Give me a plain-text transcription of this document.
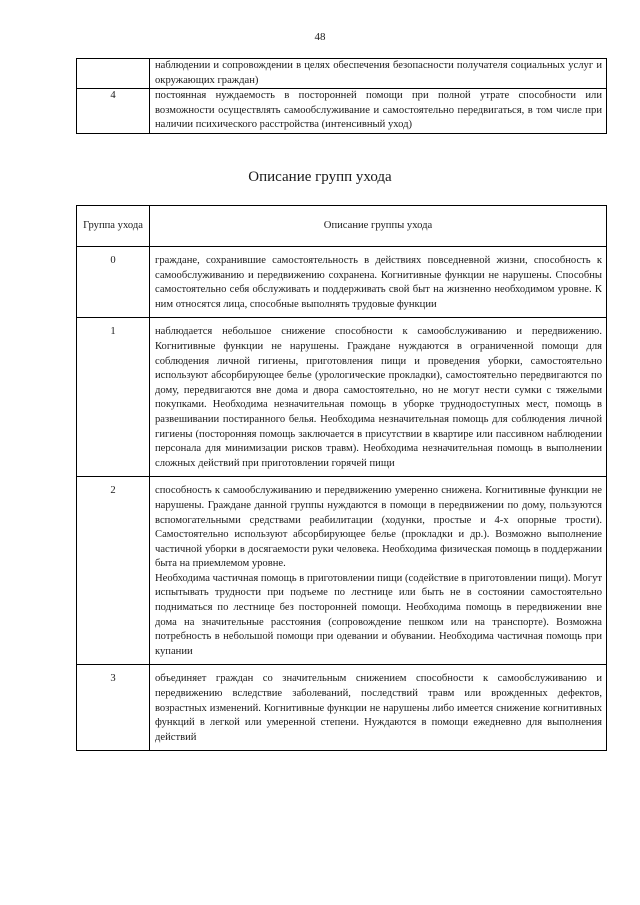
48
	наблюдении и сопровождении в целях обеспечения безопасности получателя социальных услуг и окружающих граждан)
4	постоянная нуждаемость в посторонней помощи при полной утрате способности или возможности осуществлять самообслуживание и самостоятельно передвигаться, в том числе при наличии психического расстройства (интенсивный уход)
Описание групп ухода
Группа ухода	Описание группы ухода
0	граждане, сохранившие самостоятельность в действиях повседневной жизни, способность к самообслуживанию и передвижению сохранена. Когнитивные функции не нарушены. Способны самостоятельно себя обслуживать и поддерживать свой быт на жизненно необходимом уровне. К ним относятся лица, способные выполнять трудовые функции

1	наблюдается небольшое снижение способности к самообслуживанию и передвижению. Когнитивные функции не нарушены. Граждане нуждаются в ограниченной помощи для соблюдения личной гигиены, приготовления пищи и проведения уборки, самостоятельно используют абсорбирующее белье (урологические прокладки), самостоятельно передвигаются по дому, передвигаются вне дома и двора самостоятельно, но не могут нести сумки с тяжелыми покупками. Необходима незначительная помощь в уборке труднодоступных мест, помощь в развешивании постиранного белья. Необходима незначительная помощь для соблюдения личной гигиены (посторонняя помощь заключается в присутствии в квартире или пассивном наблюдении персонала для минимизации рисков травм). Необходима незначительная помощь в выполнении сложных действий при приготовлении горячей пищи

2	способность к самообслуживанию и передвижению умеренно снижена. Когнитивные функции не нарушены. Граждане данной группы нуждаются в помощи в передвижении по дому, пользуются вспомогательными средствами реабилитации (ходунки, простые и 4-х опорные трости). Самостоятельно используют абсорбирующее белье (прокладки и др.). Возможно выполнение частичной уборки в досягаемости руки человека. Необходима физическая помощь в поддержании быта на приемлемом уровне.

Необходима частичная помощь в приготовлении пищи (содействие в приготовлении пищи). Могут испытывать трудности при подъеме по лестнице или быть не в состоянии самостоятельно подниматься по лестнице без посторонней помощи. Необходима помощь в передвижении вне дома на значительные расстояния (сопровождение пешком или на транспорте). Возможна потребность в небольшой помощи при одевании и обувании. Необходима частичная помощь при купании

3	объединяет граждан со значительным снижением способности к самообслуживанию и передвижению вследствие заболеваний, последствий травм или врожденных дефектов, возрастных изменений. Когнитивные функции не нарушены либо имеется снижение когнитивных функций в легкой или умеренной степени. Нуждаются в помощи ежедневно для выполнения действий
